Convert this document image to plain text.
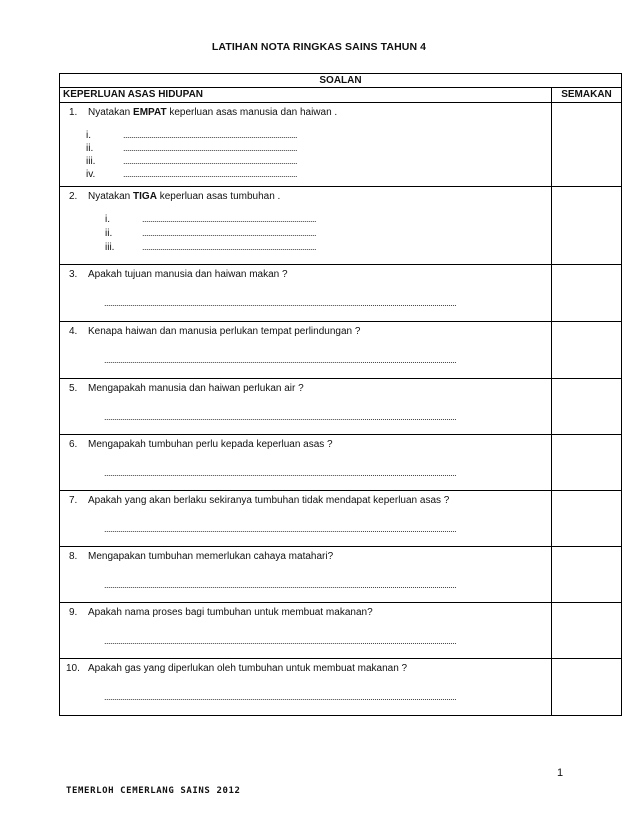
LATIHAN NOTA RINGKAS SAINS TAHUN 4
SOALAN	
KEPERLUAN ASAS HIDUPAN	SEMAKAN

1. Nyatakan EMPAT keperluan asas manusia dan haiwan .
i. .......................................................................................
ii. .......................................................................................
iii. .......................................................................................
iv. .......................................................................................	

2. Nyatakan TIGA keperluan asas tumbuhan .
i. .......................................................................................
ii. .......................................................................................
iii. .......................................................................................	

3. Apakah tujuan manusia dan haiwan makan ?
................................................................................................................................................................................	

4. Kenapa haiwan dan manusia perlukan tempat perlindungan ?
................................................................................................................................................................................	

5. Mengapakah manusia dan haiwan perlukan air ?
................................................................................................................................................................................	

6. Mengapakah tumbuhan perlu kepada keperluan asas ?
................................................................................................................................................................................	

7. Apakah yang akan berlaku sekiranya tumbuhan tidak mendapat keperluan asas ?
................................................................................................................................................................................	

8. Mengapakan tumbuhan memerlukan cahaya matahari?
................................................................................................................................................................................	

9. Apakah nama proses bagi tumbuhan untuk membuat makanan?
................................................................................................................................................................................	

10. Apakah gas yang diperlukan oleh tumbuhan untuk membuat makanan ?
................................................................................................................................................................................	

1
TEMERLOH CEMERLANG SAINS 2012
